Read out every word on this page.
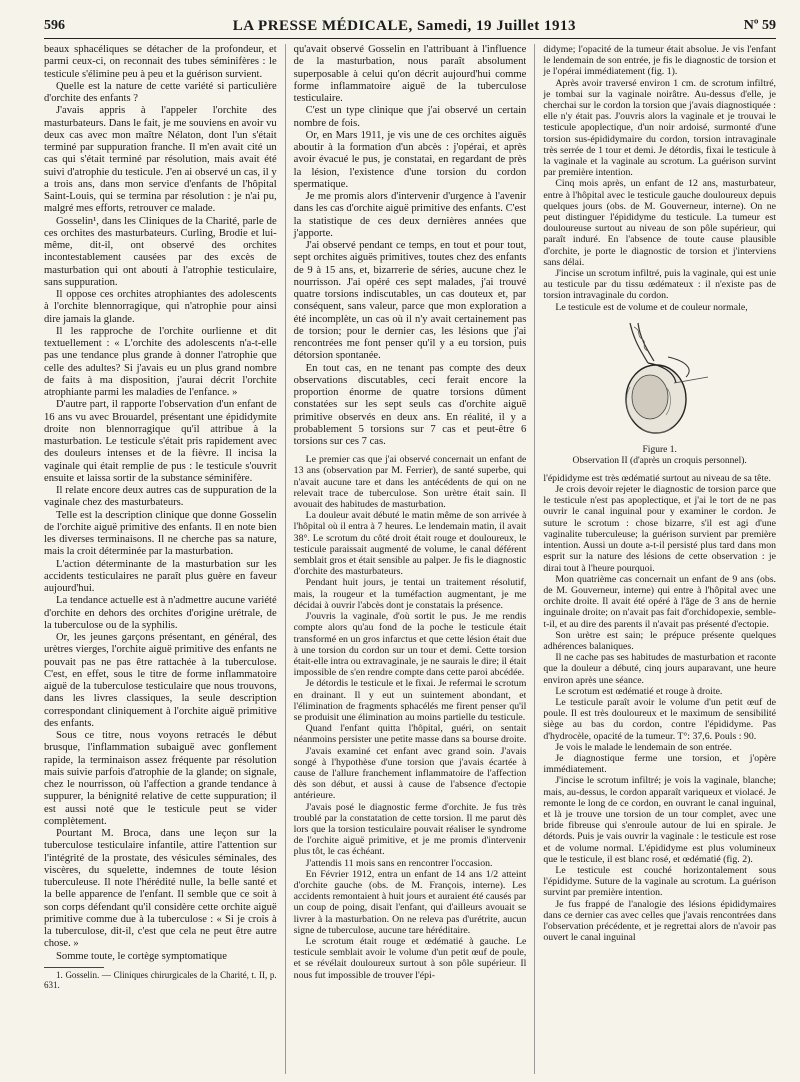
596	LA PRESSE MÉDICALE, Samedi, 19 Juillet 1913	Nº 59

beaux sphacéliques se détacher de la profondeur, et parmi ceux-ci, on reconnait des tubes séminifères : le testicule s'élimine peu à peu et la guérison survient.

Quelle est la nature de cette variété si particulière d'orchite des enfants ?

J'avais appris à l'appeler l'orchite des masturbateurs. Dans le fait, je me souviens en avoir vu deux cas avec mon maître Nélaton, dont l'un s'était terminé par suppuration franche. Il m'en avait cité un cas qui s'était terminé par résolution, mais avait été suivi d'atrophie du testicule. J'en ai observé un cas, il y a trois ans, dans mon service d'enfants de l'hôpital Saint-Louis, qui se termina par résolution : je n'ai pu, malgré mes efforts, retrouver ce malade.

Gosselin¹, dans les Cliniques de la Charité, parle de ces orchites des masturbateurs. Curling, Brodie et lui-même, dit-il, ont observé des orchites incontestablement causées par des excès de masturbation qui ont abouti à l'atrophie testiculaire, sans suppuration.

Il oppose ces orchites atrophiantes des adolescents à l'orchite blennorragique, qui n'atrophie pour ainsi dire jamais la glande.

Il les rapproche de l'orchite ourlienne et dit textuellement : « L'orchite des adolescents n'a-t-elle pas une tendance plus grande à donner l'atrophie que celle des adultes? Si j'avais eu un plus grand nombre de faits à ma disposition, j'aurai décrit l'orchite atrophiante parmi les maladies de l'enfance. »

D'autre part, il rapporte l'observation d'un enfant de 16 ans vu avec Brouardel, présentant une épididymite droite non blennorragique qu'il attribue à la masturbation. Le testicule s'était pris rapidement avec des douleurs intenses et de la fièvre. Il incisa la vaginale qui était remplie de pus : le testicule s'ouvrit ensuite et laissa sortir de la substance séminifère.

Il relate encore deux autres cas de suppuration de la vaginale chez des masturbateurs.

Telle est la description clinique que donne Gosselin de l'orchite aiguë primitive des enfants. Il en note bien les diverses terminaisons. Il ne cherche pas sa nature, mais la croit déterminée par la masturbation.

L'action déterminante de la masturbation sur les accidents testiculaires ne paraît plus guère en faveur aujourd'hui.

La tendance actuelle est à n'admettre aucune variété d'orchite en dehors des orchites d'origine urétrale, de la tuberculose ou de la syphilis.

Or, les jeunes garçons présentant, en général, des urètres vierges, l'orchite aiguë primitive des enfants ne pouvait pas ne pas être rattachée à la tuberculose. C'est, en effet, sous le titre de forme inflammatoire aiguë de la tuberculose testiculaire que nous trouvons, dans les livres classiques, la seule description correspondant cliniquement à l'orchite aiguë primitive des enfants.

Sous ce titre, nous voyons retracés le début brusque, l'inflammation subaiguë avec gonflement rapide, la terminaison assez fréquente par résolution mais suivie parfois d'atrophie de la glande; on signale, chez le nourrisson, où l'affection a grande tendance à suppurer, la bénignité relative de cette suppuration; il est aussi noté que le testicule peut se vider complètement.

Pourtant M. Broca, dans une leçon sur la tuberculose testiculaire infantile, attire l'attention sur l'intégrité de la prostate, des vésicules séminales, des viscères, du squelette, indemnes de toute lésion tuberculeuse. Il note l'hérédité nulle, la belle santé et la belle apparence de l'enfant. Il semble que ce soit à son corps défendant qu'il considère cette orchite aiguë primitive comme due à la tuberculose : « Si je crois à la tuberculose, dit-il, c'est que cela ne peut être autre chose. »

Somme toute, le cortège symptomatique

1. Gosselin. — Cliniques chirurgicales de la Charité, t. II, p. 631.

qu'avait observé Gosselin en l'attribuant à l'influence de la masturbation, nous paraît absolument superposable à celui qu'on décrit aujourd'hui comme forme inflammatoire aiguë de la tuberculose testiculaire.

C'est un type clinique que j'ai observé un certain nombre de fois.

Or, en Mars 1911, je vis une de ces orchites aiguës aboutir à la formation d'un abcès : j'opérai, et après avoir évacué le pus, je constatai, en regardant de près la lésion, l'existence d'une torsion du cordon spermatique.

Je me promis alors d'intervenir d'urgence à l'avenir dans les cas d'orchite aiguë primitive des enfants. C'est la statistique de ces deux dernières années que j'apporte.

J'ai observé pendant ce temps, en tout et pour tout, sept orchites aiguës primitives, toutes chez des enfants de 9 à 15 ans, et, bizarrerie de séries, aucune chez le nourrisson. J'ai opéré ces sept malades, j'ai trouvé quatre torsions indiscutables, un cas douteux et, par conséquent, sans valeur, parce que mon exploration a été incomplète, un cas où il n'y avait certainement pas de torsion; pour le dernier cas, les lésions que j'ai rencontrées me font penser qu'il y a eu torsion, puis détorsion spontanée.

En tout cas, en ne tenant pas compte des deux observations discutables, ceci ferait encore la proportion énorme de quatre torsions dûment constatées sur les sept seuls cas d'orchite aiguë primitive observés en deux ans. En réalité, il y a probablement 5 torsions sur 7 cas et peut-être 6 torsions sur ces 7 cas.

Le premier cas que j'ai observé concernait un enfant de 13 ans (observation par M. Ferrier), de santé superbe, qui n'avait aucune tare et dans les antécédents de qui on ne relevait trace de tuberculose. Son urètre était sain. Il avouait des habitudes de masturbation.

La douleur avait débuté le matin même de son arrivée à l'hôpital où il entra à 7 heures. Le lendemain matin, il avait 38°. Le scrotum du côté droit était rouge et douloureux, le testicule paraissait augmenté de volume, le canal déférent semblait gros et était sensible au palper. Je fis le diagnostic d'orchite des masturbateurs.

Pendant huit jours, je tentai un traitement résolutif, mais, la rougeur et la tuméfaction augmentant, je me décidai à ouvrir l'abcès dont je constatais la présence.

J'ouvris la vaginale, d'où sortit le pus. Je me rendis compte alors qu'au fond de la poche le testicule était transformé en un gros infarctus et que cette lésion était due à une torsion du cordon sur un tour et demi. Cette torsion était-elle intra ou extravaginale, je ne saurais le dire; il était impossible de s'en rendre compte dans cette paroi abcédée.

Je détordis le testicule et le fixai. Je refermai le scrotum en drainant. Il y eut un suintement abondant, et l'élimination de fragments sphacélés me firent penser qu'il se produisit une élimination au moins partielle du testicule.

Quand l'enfant quitta l'hôpital, guéri, on sentait néanmoins persister une petite masse dans sa bourse droite.

J'avais examiné cet enfant avec grand soin. J'avais songé à l'hypothèse d'une torsion que j'avais écartée à cause de l'allure franchement inflammatoire de l'affection dès son début, et aussi à cause de l'absence d'ectopie antérieure.

J'avais posé le diagnostic ferme d'orchite. Je fus très troublé par la constatation de cette torsion. Il me parut dès lors que la torsion testiculaire pouvait réaliser le syndrome de l'orchite aiguë primitive, et je me promis d'intervenir plus tôt, le cas échéant.

J'attendis 11 mois sans en rencontrer l'occasion.

En Février 1912, entra un enfant de 14 ans 1/2 atteint d'orchite gauche (obs. de M. François, interne). Les accidents remontaient à huit jours et auraient été causés par un coup de poing, disait l'enfant, qui d'ailleurs avouait se livrer à la masturbation. On ne releva pas d'urétrite, aucun signe de tuberculose, aucune tare héréditaire.

Le scrotum était rouge et œdématié à gauche. Le testicule semblait avoir le volume d'un petit œuf de poule, et se révélait douloureux surtout à son pôle supérieur. Il nous fut impossible de trouver l'épi-

didyme; l'opacité de la tumeur était absolue. Je vis l'enfant le lendemain de son entrée, je fis le diagnostic de torsion et je l'opérai immédiatement (fig. 1).

Après avoir traversé environ 1 cm. de scrotum infiltré, je tombai sur la vaginale noirâtre. Au-dessus d'elle, je cherchai sur le cordon la torsion que j'avais diagnostiquée : elle n'y était pas. J'ouvris alors la vaginale et je trouvai le testicule apoplectique, d'un noir ardoisé, surmonté d'une torsion sus-épididymaire du cordon, torsion intravaginale très serrée de 1 tour et demi. Je détordis, fixai le testicule à la vaginale et la vaginale au scrotum. La guérison survint par première intention.

Cinq mois après, un enfant de 12 ans, masturbateur, entre à l'hôpital avec le testicule gauche douloureux depuis quelques jours (obs. de M. Gouverneur, interne). On ne peut distinguer l'épididyme du testicule. La tumeur est douloureuse surtout au niveau de son pôle supérieur, qui paraît induré. En l'absence de toute cause plausible d'orchite, je porte le diagnostic de torsion et j'interviens sans délai.

J'incise un scrotum infiltré, puis la vaginale, qui est unie au testicule par du tissu œdémateux : il n'existe pas de torsion intravaginale du cordon.

Le testicule est de volume et de couleur normale,

Figure 1.
Observation II (d'après un croquis personnel).

l'épididyme est très œdématié surtout au niveau de sa tête.

Je crois devoir rejeter le diagnostic de torsion parce que le testicule n'est pas apoplectique, et j'ai le tort de ne pas ouvrir le canal inguinal pour y examiner le cordon. Je suture le scrotum : chose bizarre, s'il est agi d'une vaginalite tuberculeuse; la guérison survient par première intention. Aussi un doute a-t-il persisté plus tard dans mon esprit sur la nature des lésions de cette observation : je dirai tout à l'heure pourquoi.

Mon quatrième cas concernait un enfant de 9 ans (obs. de M. Gouverneur, interne) qui entre à l'hôpital avec une orchite droite. Il avait été opéré à l'âge de 3 ans de hernie inguinale droite; on n'avait pas fait d'orchidopexie, semble-t-il, et au dire des parents il n'avait pas présenté d'ectopie.

Son urètre est sain; le prépuce présente quelques adhérences balaniques.

Il ne cache pas ses habitudes de masturbation et raconte que la douleur a débuté, cinq jours auparavant, une heure environ après une séance.

Le scrotum est œdématié et rouge à droite.

Le testicule paraît avoir le volume d'un petit œuf de poule. Il est très douloureux et le maximum de sensibilité siège au bas du cordon, contre l'épididyme. Pas d'hydrocèle, opacité de la tumeur. T°: 37,6. Pouls : 90.

Je vois le malade le lendemain de son entrée.

Je diagnostique ferme une torsion, et j'opère immédiatement.

J'incise le scrotum infiltré; je vois la vaginale, blanche; mais, au-dessus, le cordon apparaît variqueux et violacé. Je remonte le long de ce cordon, en ouvrant le canal inguinal, et là je trouve une torsion de un tour complet, avec une bride fibreuse qui s'enroule autour de lui en spirale. Je détords. Puis je vais ouvrir la vaginale : le testicule est rose et de volume normal. L'épididyme est plus volumineux que le testicule, il est blanc rosé, et œdématié (fig. 2).

Le testicule est couché horizontalement sous l'épididyme. Suture de la vaginale au scrotum. La guérison survint par première intention.

Je fus frappé de l'analogie des lésions épididymaires dans ce dernier cas avec celles que j'avais rencontrées dans l'observation précédente, et je regrettai alors de n'avoir pas ouvert le canal inguinal
